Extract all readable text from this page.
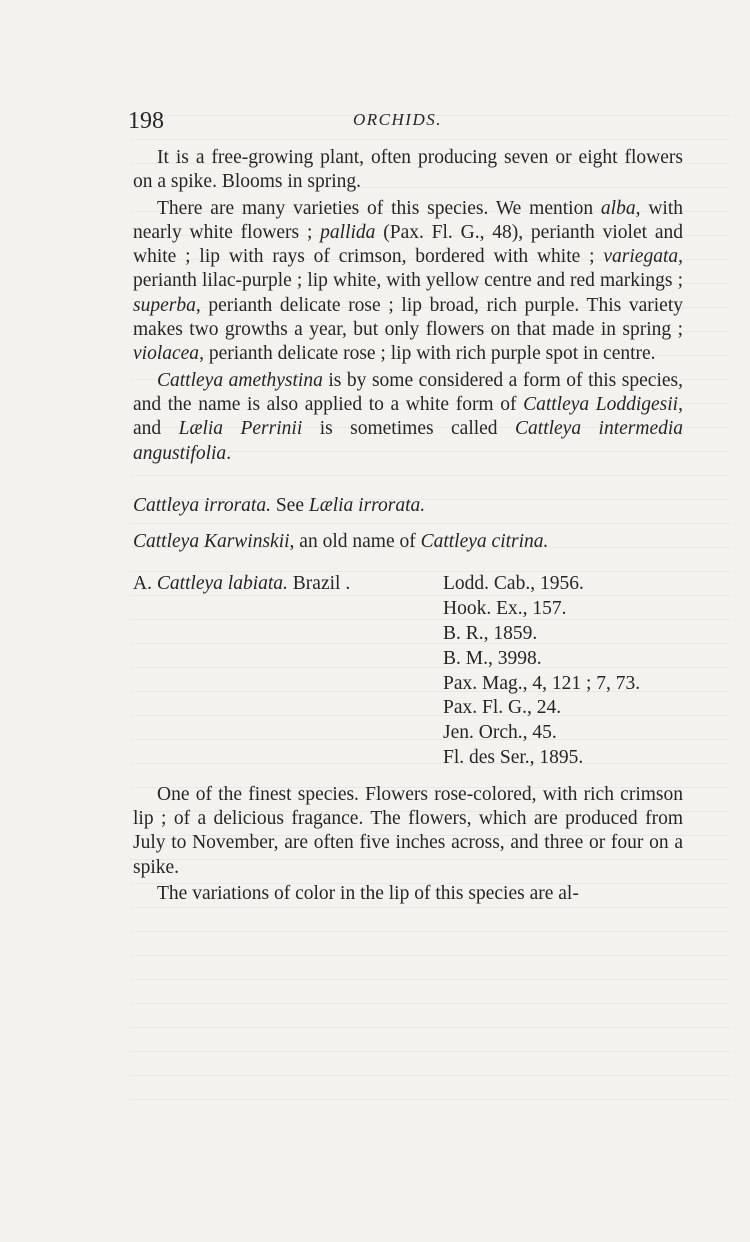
198	ORCHIDS.

It is a free-growing plant, often producing seven or eight flowers on a spike. Blooms in spring.

There are many varieties of this species. We mention alba, with nearly white flowers ; pallida (Pax. Fl. G., 48), perianth violet and white ; lip with rays of crimson, bordered with white ; variegata, perianth lilac-purple ; lip white, with yellow centre and red markings ; superba, perianth delicate rose ; lip broad, rich purple. This variety makes two growths a year, but only flowers on that made in spring ; violacea, perianth delicate rose ; lip with rich purple spot in centre.

Cattleya amethystina is by some considered a form of this species, and the name is also applied to a white form of Cattleya Loddigesii, and Lælia Perrinii is sometimes called Cattleya intermedia angustifolia.

Cattleya irrorata. See Lælia irrorata.
Cattleya Karwinskii, an old name of Cattleya citrina.
A. Cattleya labiata. Brazil .	Lodd. Cab., 1956.
Hook. Ex., 157.
B. R., 1859.
B. M., 3998.
Pax. Mag., 4, 121 ; 7, 73.
Pax. Fl. G., 24.
Jen. Orch., 45.
Fl. des Ser., 1895.

One of the finest species. Flowers rose-colored, with rich crimson lip ; of a delicious fragance. The flowers, which are produced from July to November, are often five inches across, and three or four on a spike.

The variations of color in the lip of this species are al-
